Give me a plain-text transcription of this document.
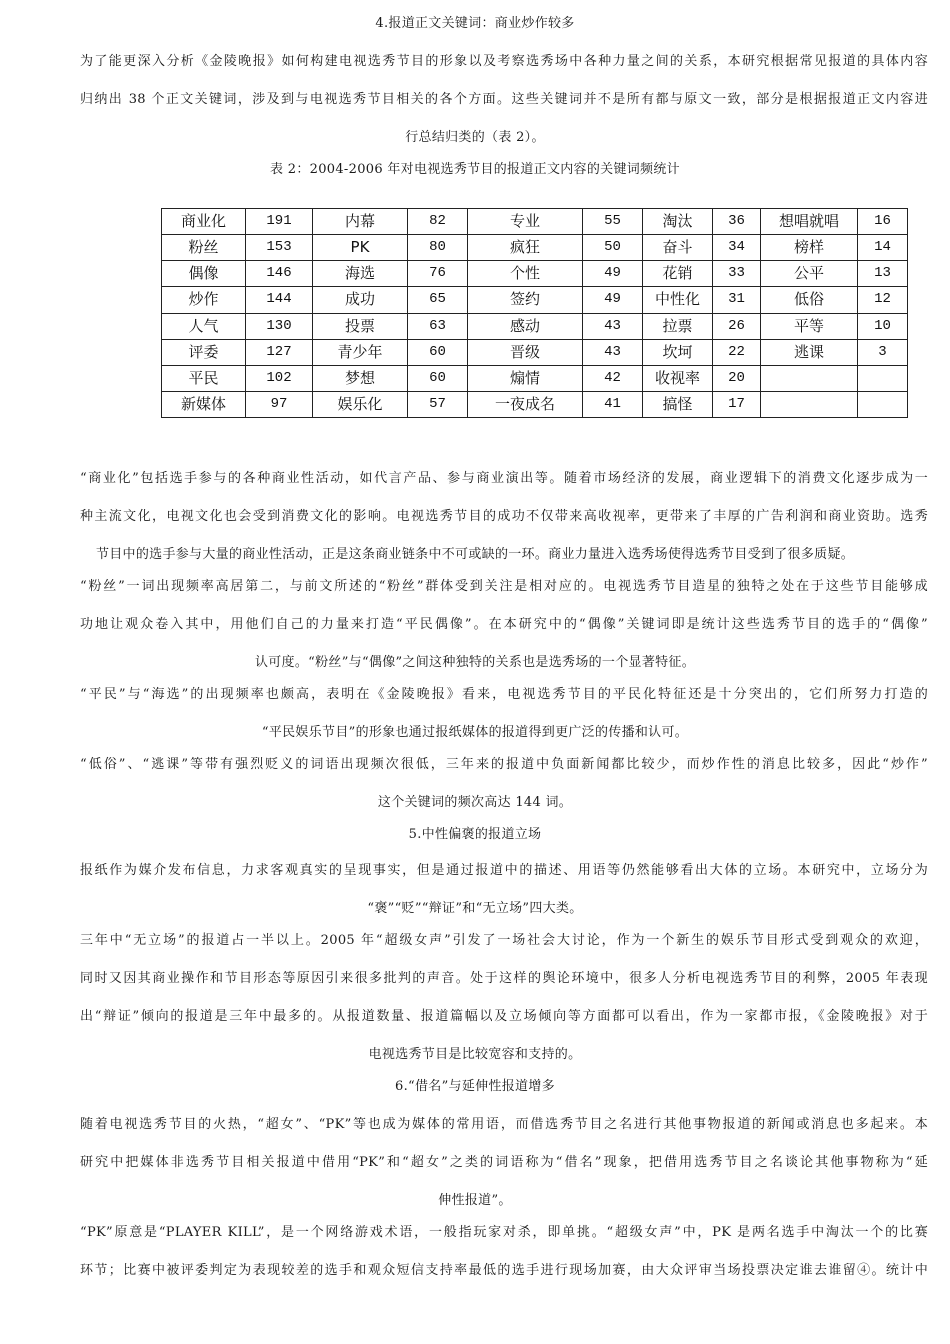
4.报道正文关键词：商业炒作较多
为了能更深入分析《金陵晚报》如何构建电视选秀节目的形象以及考察选秀场中各种力量之间的关系，本研究根据常见报道的具体内容
归纳出 38 个正文关键词，涉及到与电视选秀节目相关的各个方面。这些关键词并不是所有都与原文一致，部分是根据报道正文内容进
行总结归类的（表 2）。
表 2：2004-2006 年对电视选秀节目的报道正文内容的关键词频统计
商业化	191	内幕	82	专业	55	淘汰	36	想唱就唱	16
粉丝	153	PK	80	疯狂	50	奋斗	34	榜样	14
偶像	146	海选	76	个性	49	花销	33	公平	13
炒作	144	成功	65	签约	49	中性化	31	低俗	12
人气	130	投票	63	感动	43	拉票	26	平等	10
评委	127	青少年	60	晋级	43	坎坷	22	逃课	3
平民	102	梦想	60	煽情	42	收视率	20		
新媒体	97	娱乐化	57	一夜成名	41	搞怪	17		
“商业化”包括选手参与的各种商业性活动，如代言产品、参与商业演出等。随着市场经济的发展，商业逻辑下的消费文化逐步成为一
种主流文化，电视文化也会受到消费文化的影响。电视选秀节目的成功不仅带来高收视率，更带来了丰厚的广告利润和商业资助。选秀
节目中的选手参与大量的商业性活动，正是这条商业链条中不可或缺的一环。商业力量进入选秀场使得选秀节目受到了很多质疑。
“粉丝”一词出现频率高居第二，与前文所述的“粉丝”群体受到关注是相对应的。电视选秀节目造星的独特之处在于这些节目能够成
功地让观众卷入其中，用他们自己的力量来打造“平民偶像”。在本研究中的“偶像”关键词即是统计这些选秀节目的选手的“偶像”
认可度。“粉丝”与“偶像”之间这种独特的关系也是选秀场的一个显著特征。
“平民”与“海选”的出现频率也颇高，表明在《金陵晚报》看来，电视选秀节目的平民化特征还是十分突出的，它们所努力打造的
“平民娱乐节目”的形象也通过报纸媒体的报道得到更广泛的传播和认可。
“低俗”、“逃课”等带有强烈贬义的词语出现频次很低，三年来的报道中负面新闻都比较少，而炒作性的消息比较多，因此“炒作”
这个关键词的频次高达 144 词。
5.中性偏褒的报道立场
报纸作为媒介发布信息，力求客观真实的呈现事实，但是通过报道中的描述、用语等仍然能够看出大体的立场。本研究中，立场分为
“褒”“贬”“辩证”和“无立场”四大类。
三年中“无立场”的报道占一半以上。2005 年“超级女声”引发了一场社会大讨论，作为一个新生的娱乐节目形式受到观众的欢迎，
同时又因其商业操作和节目形态等原因引来很多批判的声音。处于这样的舆论环境中，很多人分析电视选秀节目的利弊，2005 年表现
出“辩证”倾向的报道是三年中最多的。从报道数量、报道篇幅以及立场倾向等方面都可以看出，作为一家都市报，《金陵晚报》对于
电视选秀节目是比较宽容和支持的。
6.“借名”与延伸性报道增多
随着电视选秀节目的火热，“超女”、“PK”等也成为媒体的常用语，而借选秀节目之名进行其他事物报道的新闻或消息也多起来。本
研究中把媒体非选秀节目相关报道中借用“PK”和“超女”之类的词语称为“借名”现象，把借用选秀节目之名谈论其他事物称为“延
伸性报道”。
“PK”原意是“PLAYER KILL”，是一个网络游戏术语，一般指玩家对杀，即单挑。“超级女声”中，PK 是两名选手中淘汰一个的比赛
环节；比赛中被评委判定为表现较差的选手和观众短信支持率最低的选手进行现场加赛，由大众评审当场投票决定谁去谁留④。统计中
